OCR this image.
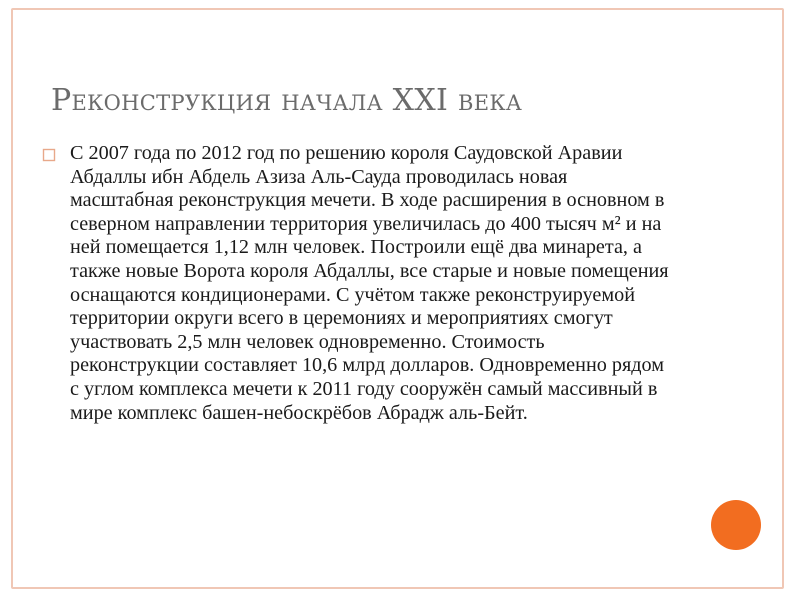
Реконструкция начала XXI века

С 2007 года по 2012 год по решению короля Саудовской Аравии Абдаллы ибн Абдель Азиза Аль-Сауда проводилась новая масштабная реконструкция мечети. В ходе расширения в основном в северном направлении территория увеличилась до 400 тысяч м² и на ней помещается 1,12 млн человек. Построили ещё два минарета, а также новые Ворота короля Абдаллы, все старые и новые помещения оснащаются кондиционерами. С учётом также реконструируемой территории округи всего в церемониях и мероприятиях смогут участвовать 2,5 млн человек одновременно. Стоимость реконструкции составляет 10,6 млрд долларов. Одновременно рядом с углом комплекса мечети к 2011 году сооружён самый массивный в мире комплекс башен-небоскрёбов Абрадж аль-Бейт.
